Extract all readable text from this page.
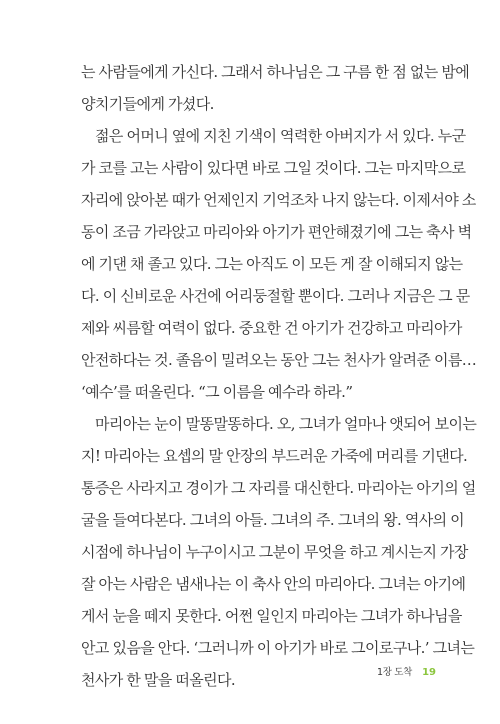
는 사람들에게 가신다. 그래서 하나님은 그 구름 한 점 없는 밤에
양치기들에게 가셨다.
젊은 어머니 옆에 지친 기색이 역력한 아버지가 서 있다. 누군
가 코를 고는 사람이 있다면 바로 그일 것이다. 그는 마지막으로
자리에 앉아본 때가 언제인지 기억조차 나지 않는다. 이제서야 소
동이 조금 가라앉고 마리아와 아기가 편안해졌기에 그는 축사 벽
에 기댄 채 졸고 있다. 그는 아직도 이 모든 게 잘 이해되지 않는
다. 이 신비로운 사건에 어리둥절할 뿐이다. 그러나 지금은 그 문
제와 씨름할 여력이 없다. 중요한 건 아기가 건강하고 마리아가
안전하다는 것. 졸음이 밀려오는 동안 그는 천사가 알려준 이름…
‘예수’를 떠올린다. “그 이름을 예수라 하라.”
마리아는 눈이 말똥말똥하다. 오, 그녀가 얼마나 앳되어 보이는
지! 마리아는 요셉의 말 안장의 부드러운 가죽에 머리를 기댄다.
통증은 사라지고 경이가 그 자리를 대신한다. 마리아는 아기의 얼
굴을 들여다본다. 그녀의 아들. 그녀의 주. 그녀의 왕. 역사의 이
시점에 하나님이 누구이시고 그분이 무엇을 하고 계시는지 가장
잘 아는 사람은 냄새나는 이 축사 안의 마리아다. 그녀는 아기에
게서 눈을 떼지 못한다. 어쩐 일인지 마리아는 그녀가 하나님을
안고 있음을 안다. ‘그러니까 이 아기가 바로 그이로구나.’ 그녀는
천사가 한 말을 떠올린다.	1장 도착 19
